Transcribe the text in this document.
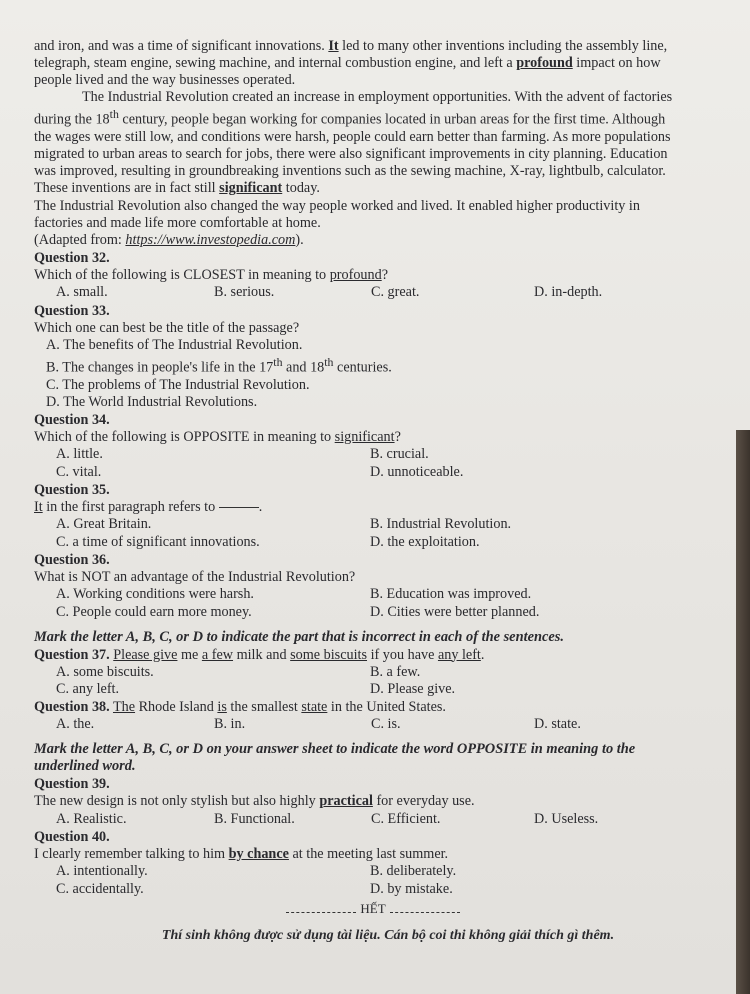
and iron, and was a time of significant innovations. It led to many other inventions including the assembly line,
telegraph, steam engine, sewing machine, and internal combustion engine, and left a profound impact on how
people lived and the way businesses operated.
The Industrial Revolution created an increase in employment opportunities. With the advent of factories
during the 18th century, people began working for companies located in urban areas for the first time. Although
the wages were still low, and conditions were harsh, people could earn better than farming. As more populations
migrated to urban areas to search for jobs, there were also significant improvements in city planning. Education
was improved, resulting in groundbreaking inventions such as the sewing machine, X-ray, lightbulb, calculator.
These inventions are in fact still significant today.
The Industrial Revolution also changed the way people worked and lived. It enabled higher productivity in
factories and made life more comfortable at home.
(Adapted from: https://www.investopedia.com).
Question 32.
Which of the following is CLOSEST in meaning to profound?
A. small.	B. serious.	C. great.	D. in-depth.
Question 33.
Which one can best be the title of the passage?
A. The benefits of The Industrial Revolution.
B. The changes in people's life in the 17th and 18th centuries.
C. The problems of The Industrial Revolution.
D. The World Industrial Revolutions.
Question 34.
Which of the following is OPPOSITE in meaning to significant?
A. little.	B. crucial.
C. vital.	D. unnoticeable.
Question 35.
It in the first paragraph refers to	.
A. Great Britain.	B. Industrial Revolution.
C. a time of significant innovations.	D. the exploitation.
Question 36.
What is NOT an advantage of the Industrial Revolution?
A. Working conditions were harsh.	B. Education was improved.
C. People could earn more money.	D. Cities were better planned.
Mark the letter A, B, C, or D to indicate the part that is incorrect in each of the sentences.
Question 37. Please give me a few milk and some biscuits if you have any left.
A. some biscuits.	B. a few.
C. any left.	D. Please give.
Question 38. The Rhode Island is the smallest state in the United States.
A. the.	B. in.	C. is.	D. state.
Mark the letter A, B, C, or D on your answer sheet to indicate the word OPPOSITE in meaning to the
underlined word.
Question 39.
The new design is not only stylish but also highly practical for everyday use.
A. Realistic.	B. Functional.	C. Efficient.	D. Useless.
Question 40.
I clearly remember talking to him by chance at the meeting last summer.
A. intentionally.	B. deliberately.
C. accidentally.	D. by mistake.
HẾT
Thí sinh không được sử dụng tài liệu. Cán bộ coi thi không giải thích gì thêm.
